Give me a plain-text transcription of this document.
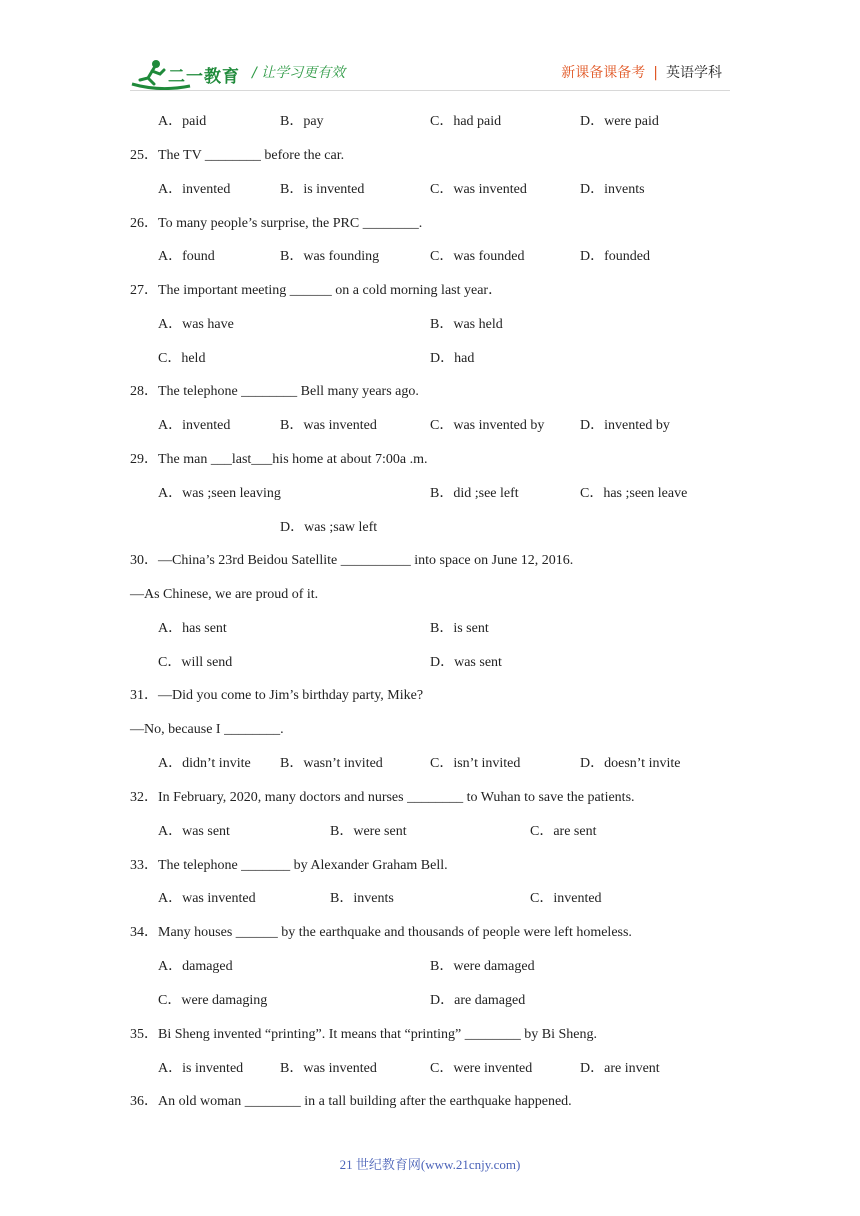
二一教育 / 让学习更有效	新课备课备考 | 英语学科
A．paid	B．pay	C．had paid	D．were paid
25．The TV ________ before the car.
A．invented	B．is invented	C．was invented	D．invents
26．To many people’s surprise, the PRC ________.
A．found	B．was founding	C．was founded	D．founded
27．The important meeting ______ on a cold morning last year．
A．was have	B．was held
C．held	D．had
28．The telephone ________ Bell many years ago.
A．invented	B．was invented	C．was invented by	D．invented by
29．The man ___last___his home at about 7:00a .m.
A．was ;seen leaving	B．did ;see left	C．has ;seen leave
D．was ;saw left
30．—China’s 23rd Beidou Satellite __________ into space on June 12, 2016.
—As Chinese, we are proud of it.
A．has sent	B．is sent
C．will send	D．was sent
31．—Did you come to Jim’s birthday party, Mike?
—No, because I ________.
A．didn’t invite B．wasn’t invited	C．isn’t invited	D．doesn’t invite
32．In February, 2020, many doctors and nurses ________ to Wuhan to save the patients.
A．was sent	B．were sent	C．are sent
33．The telephone _______ by Alexander Graham Bell.
A．was invented	B．invents	C．invented
34．Many houses ______ by the earthquake and thousands of people were left homeless.
A．damaged	B．were damaged
C．were damaging	D．are damaged
35．Bi Sheng invented “printing”. It means that “printing” ________ by Bi Sheng.
A．is invented	B．was invented	C．were invented	D．are invent
36．An old woman ________ in a tall building after the earthquake happened.
21 世纪教育网(www.21cnjy.com)
